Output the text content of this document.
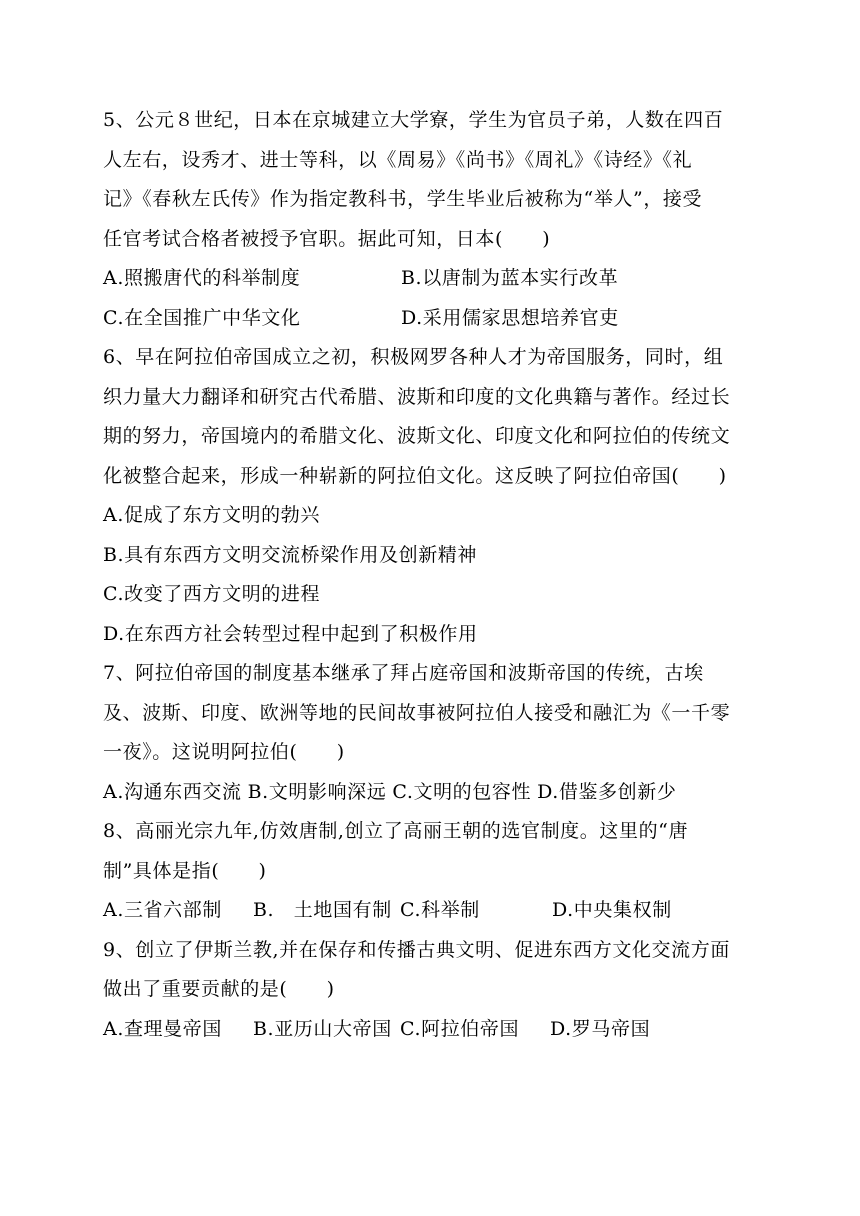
5、公元８世纪，日本在京城建立大学寮，学生为官员子弟，人数在四百
人左右，设秀才、进士等科，以《周易》《尚书》《周礼》《诗经》《礼
记》《春秋左氏传》作为指定教科书，学生毕业后被称为“举人”，接受
任官考试合格者被授予官职。据此可知，日本(　　)
A.照搬唐代的科举制度	B.以唐制为蓝本实行改革
C.在全国推广中华文化	D.采用儒家思想培养官吏
6、早在阿拉伯帝国成立之初，积极网罗各种人才为帝国服务，同时，组
织力量大力翻译和研究古代希腊、波斯和印度的文化典籍与著作。经过长
期的努力，帝国境内的希腊文化、波斯文化、印度文化和阿拉伯的传统文
化被整合起来，形成一种崭新的阿拉伯文化。这反映了阿拉伯帝国(　　)
A.促成了东方文明的勃兴
B.具有东西方文明交流桥梁作用及创新精神
C.改变了西方文明的进程
D.在东西方社会转型过程中起到了积极作用
7、阿拉伯帝国的制度基本继承了拜占庭帝国和波斯帝国的传统，古埃
及、波斯、印度、欧洲等地的民间故事被阿拉伯人接受和融汇为《一千零
一夜》。这说明阿拉伯(　　)
A.沟通东西交流 B.文明影响深远 C.文明的包容性 D.借鉴多创新少
8、高丽光宗九年,仿效唐制,创立了高丽王朝的选官制度。这里的“唐
制”具体是指(　　)
A.三省六部制	B.　土地国有制 C.科举制	D.中央集权制
9、创立了伊斯兰教,并在保存和传播古典文明、促进东西方文化交流方面
做出了重要贡献的是(　　)
A.查理曼帝国	B.亚历山大帝国 C.阿拉伯帝国	D.罗马帝国
